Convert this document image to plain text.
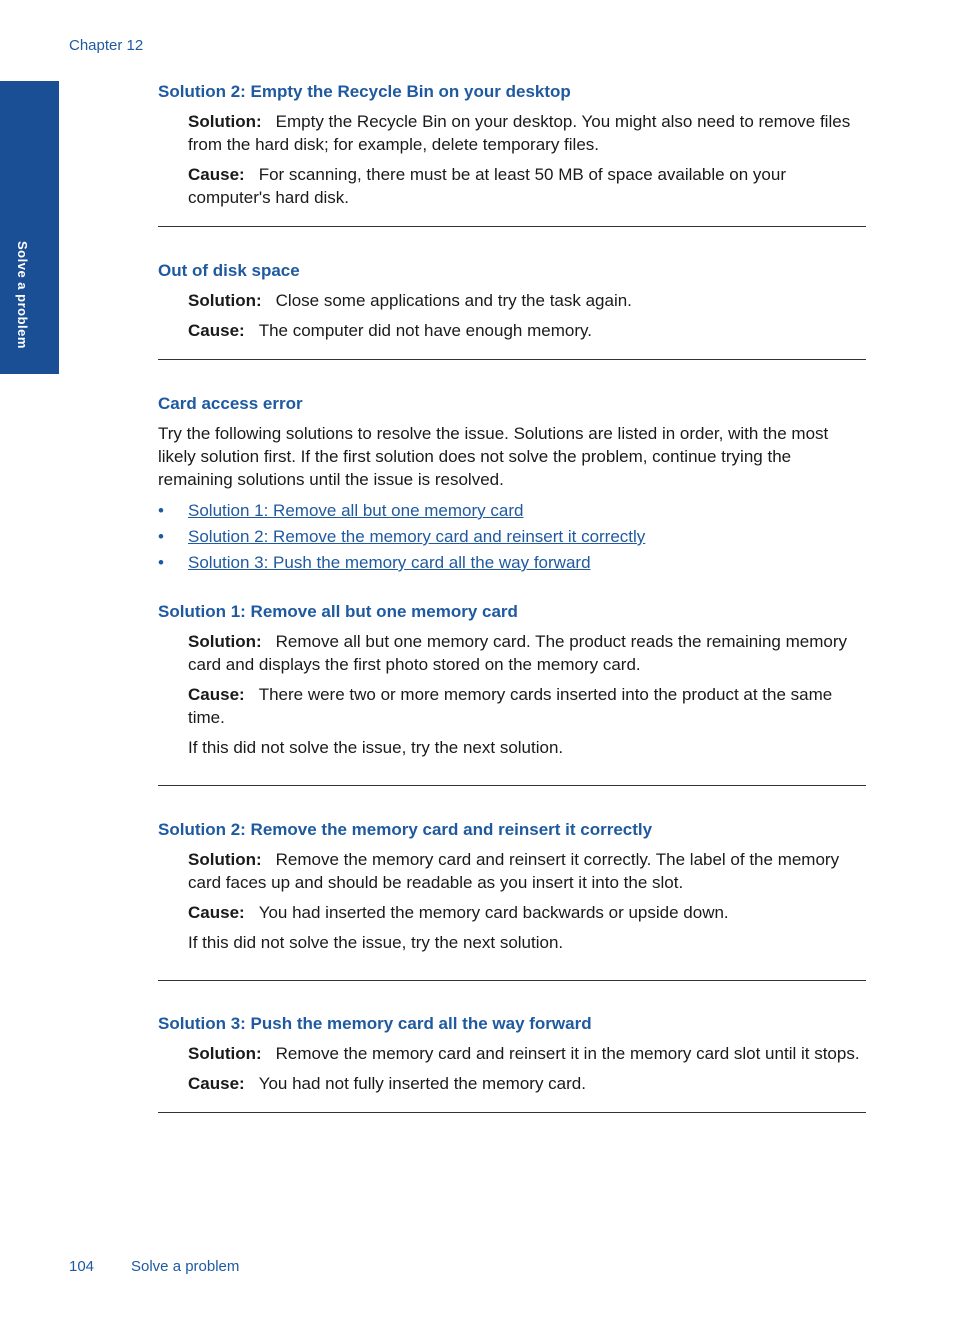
Chapter 12
Solve a problem
Solution 2: Empty the Recycle Bin on your desktop

Solution: Empty the Recycle Bin on your desktop. You might also need to remove files from the hard disk; for example, delete temporary files.

Cause: For scanning, there must be at least 50 MB of space available on your computer's hard disk.

Out of disk space

Solution: Close some applications and try the task again.

Cause: The computer did not have enough memory.

Card access error

Try the following solutions to resolve the issue. Solutions are listed in order, with the most likely solution first. If the first solution does not solve the problem, continue trying the remaining solutions until the issue is resolved.

• Solution 1: Remove all but one memory card
• Solution 2: Remove the memory card and reinsert it correctly
• Solution 3: Push the memory card all the way forward
Solution 1: Remove all but one memory card

Solution: Remove all but one memory card. The product reads the remaining memory card and displays the first photo stored on the memory card.

Cause: There were two or more memory cards inserted into the product at the same time.

If this did not solve the issue, try the next solution.

Solution 2: Remove the memory card and reinsert it correctly

Solution: Remove the memory card and reinsert it correctly. The label of the memory card faces up and should be readable as you insert it into the slot.

Cause: You had inserted the memory card backwards or upside down.

If this did not solve the issue, try the next solution.

Solution 3: Push the memory card all the way forward

Solution: Remove the memory card and reinsert it in the memory card slot until it stops.

Cause: You had not fully inserted the memory card.

104 Solve a problem
